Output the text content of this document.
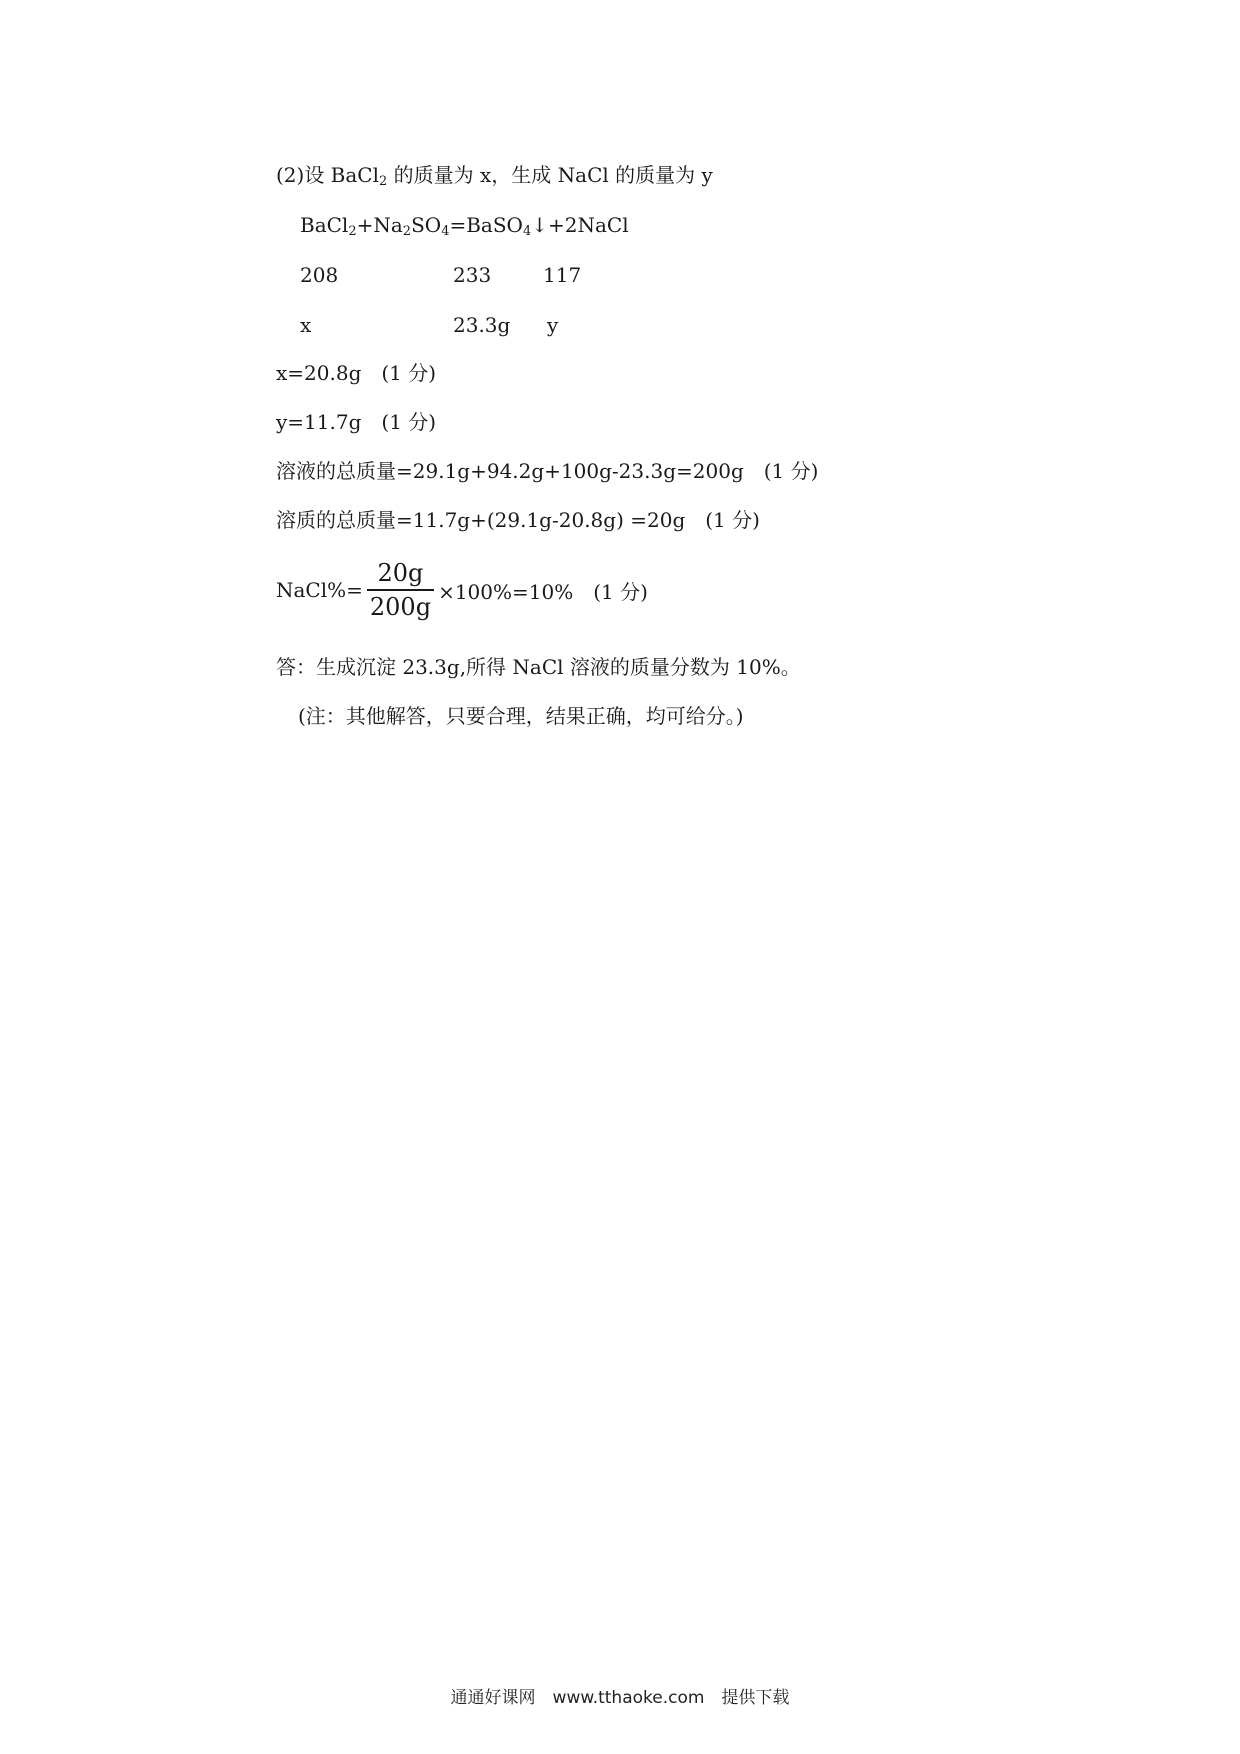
(2)设 BaCl$_2$ 的质量为 x，生成 NaCl 的质量为 y
$BaCl_2+Na_2SO_4=BaSO_4↓+2NaCl$
208	233	117
x	23.3g y
x=20.8g　(1 分)
y=11.7g　(1 分)
溶液的总质量=29.1g+94.2g+100g-23.3g=200g　(1 分)
溶质的总质量=11.7g+(29.1g-20.8g) =20g　(1 分)
NaCl%= $\frac{20g}{200g} \times 100\%=10\%$　(1 分)
答：生成沉淀 23.3g,所得 NaCl 溶液的质量分数为 10%。
(注：其他解答，只要合理，结果正确，均可给分。)
通通好课网　www.tthaoke.com　提供下载
